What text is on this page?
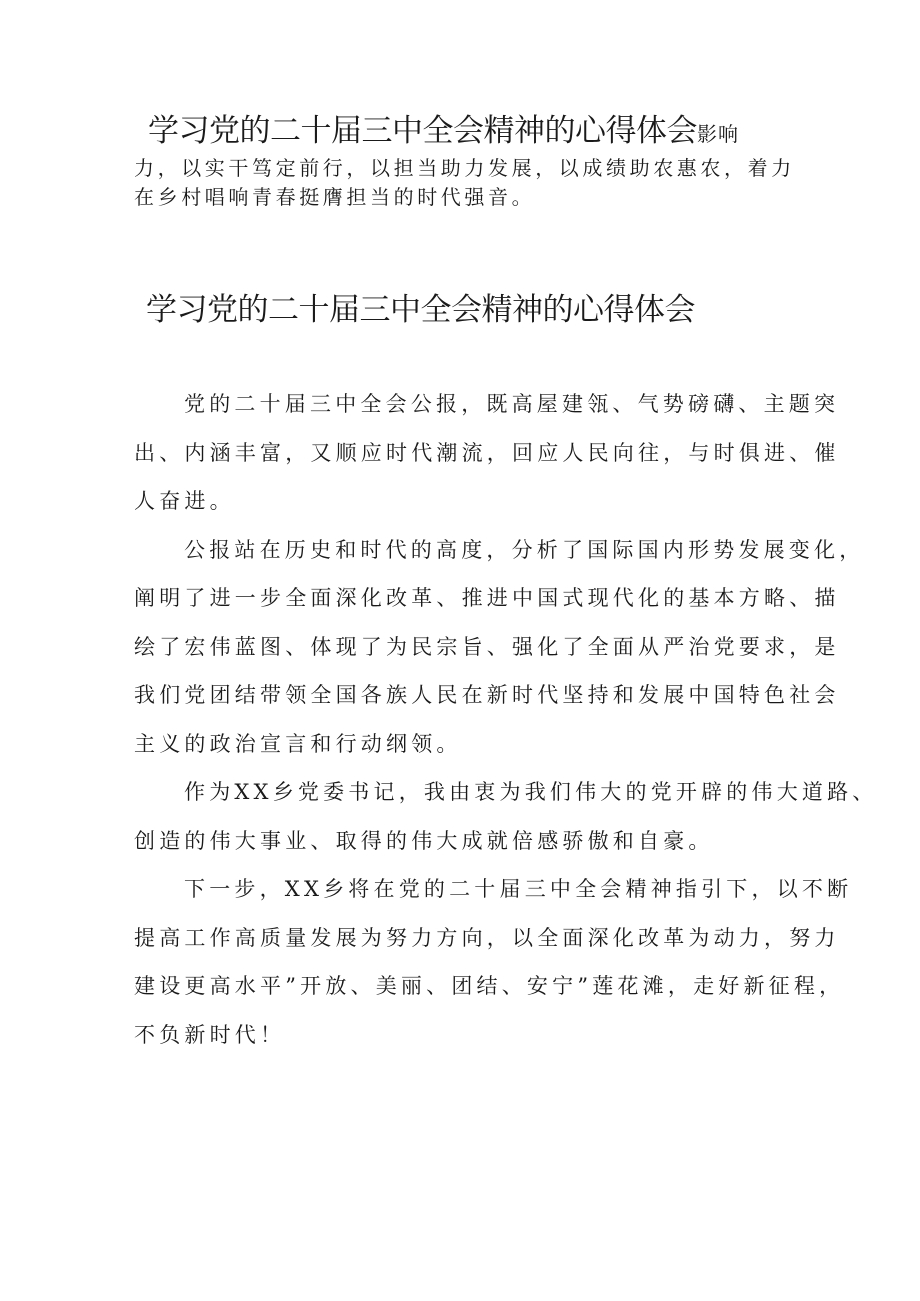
学习党的二十届三中全会精神的心得体会影响
力，以实干笃定前行，以担当助力发展，以成绩助农惠农，着力
在乡村唱响青春挺膺担当的时代强音。
学习党的二十届三中全会精神的心得体会

党的二十届三中全会公报，既高屋建瓴、气势磅礴、主题突
出、内涵丰富，又顺应时代潮流，回应人民向往，与时俱进、催
人奋进。

公报站在历史和时代的高度，分析了国际国内形势发展变化，
阐明了进一步全面深化改革、推进中国式现代化的基本方略、描
绘了宏伟蓝图、体现了为民宗旨、强化了全面从严治党要求，是
我们党团结带领全国各族人民在新时代坚持和发展中国特色社会
主义的政治宣言和行动纲领。

作为XX乡党委书记，我由衷为我们伟大的党开辟的伟大道路、
创造的伟大事业、取得的伟大成就倍感骄傲和自豪。

下一步，XX乡将在党的二十届三中全会精神指引下，以不断
提高工作高质量发展为努力方向，以全面深化改革为动力，努力
建设更高水平”开放、美丽、团结、安宁”莲花滩，走好新征程，
不负新时代！
